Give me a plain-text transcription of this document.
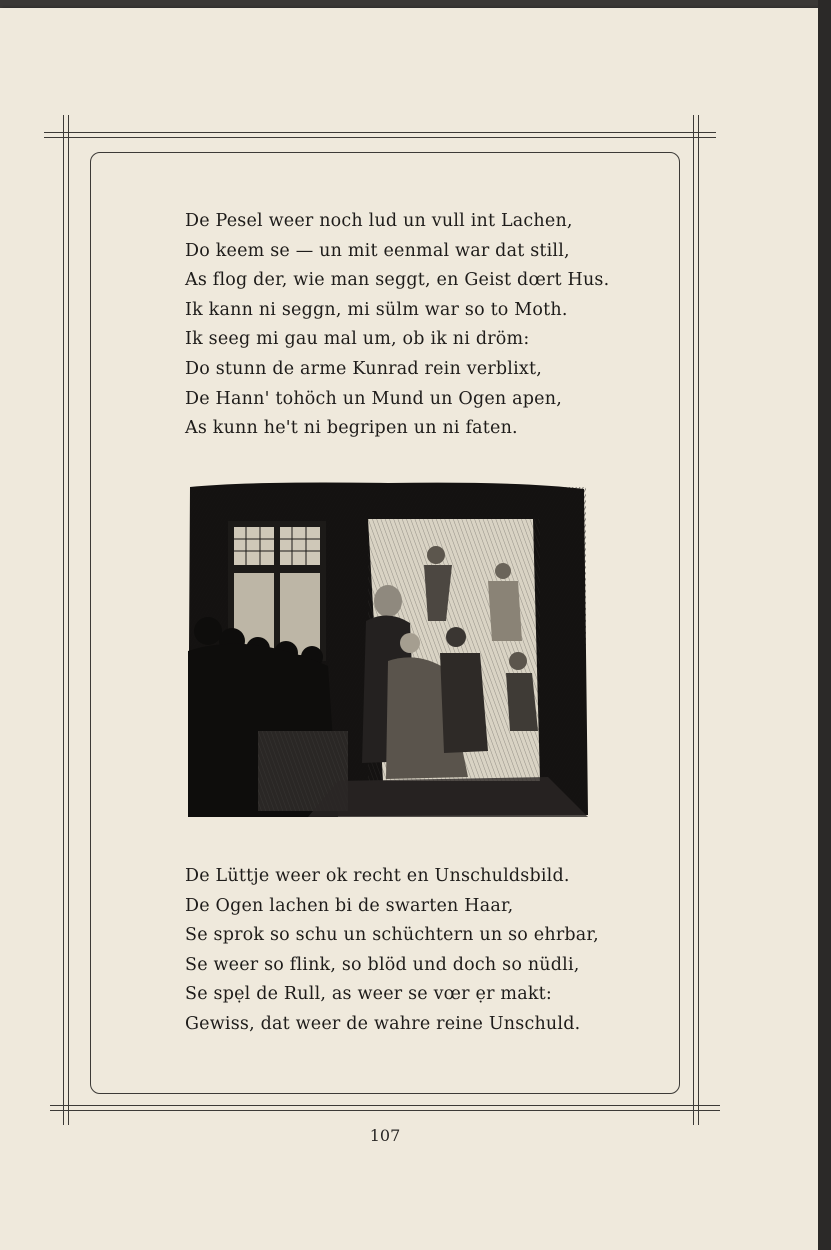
De Pesel weer noch lud un vull int Lachen,
Do keem se — un mit eenmal war dat still,
As flog der, wie man seggt, en Geist dœrt Hus.
Ik kann ni seggn, mi sülm war so to Moth.
Ik seeg mi gau mal um, ob ik ni dröm:
Do stunn de arme Kunrad rein verblixt,
De Hann' tohöch un Mund un Ogen apen,
As kunn he't ni begripen un ni faten.
De Lüttje weer ok recht en Unschuldsbild.
De Ogen lachen bi de swarten Haar,
Se sprok so schu un schüchtern un so ehrbar,
Se weer so flink, so blöd und doch so nüdli,
Se spẹl de Rull, as weer se vœr ẹr makt:
Gewiss, dat weer de wahre reine Unschuld.
107
